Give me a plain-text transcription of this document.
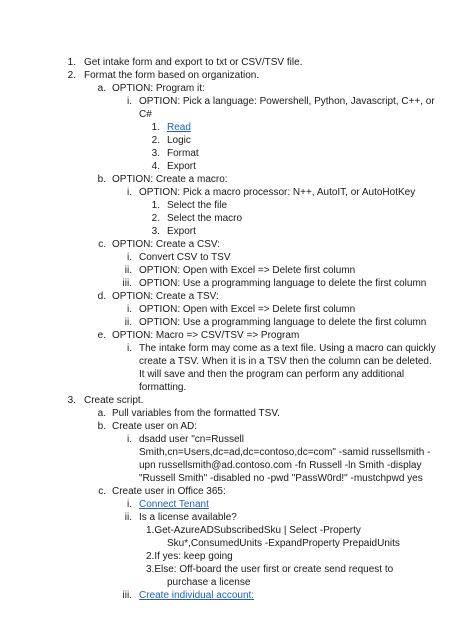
1. Get intake form and export to txt or CSV/TSV file.
2. Format the form based on organization.
a. OPTION: Program it:
i. OPTION: Pick a language: Powershell, Python, Javascript, C++, or
C#
1. Read
2. Logic
3. Format
4. Export
b. OPTION: Create a macro:
i. OPTION: Pick a macro processor: N++, AutoIT, or AutoHotKey
1. Select the file
2. Select the macro
3. Export
c. OPTION: Create a CSV:
i. Convert CSV to TSV
ii. OPTION: Open with Excel => Delete first column
iii. OPTION: Use a programming language to delete the first column
d. OPTION: Create a TSV:
i. OPTION: Open with Excel => Delete first column
ii. OPTION: Use a programming language to delete the first column
e. OPTION: Macro => CSV/TSV => Program
i. The intake form may come as a text file. Using a macro can quickly
create a TSV. When it is in a TSV then the column can be deleted.
It will save and then the program can perform any additional
formatting.
3. Create script.
a. Pull variables from the formatted TSV.
b. Create user on AD:
i. dsadd user "cn=Russell
Smith,cn=Users,dc=ad,dc=contoso,dc=com" -samid russellsmith -
upn russellsmith@ad.contoso.com -fn Russell -ln Smith -display
"Russell Smith" -disabled no -pwd "PassW0rd!" -mustchpwd yes
c. Create user in Office 365:
i. Connect Tenant
ii. Is a license available?
1.Get-AzureADSubscribedSku | Select -Property
Sku*,ConsumedUnits -ExpandProperty PrepaidUnits
2.If yes: keep going
3.Else: Off-board the user first or create send request to
purchase a license
iii. Create individual account:
